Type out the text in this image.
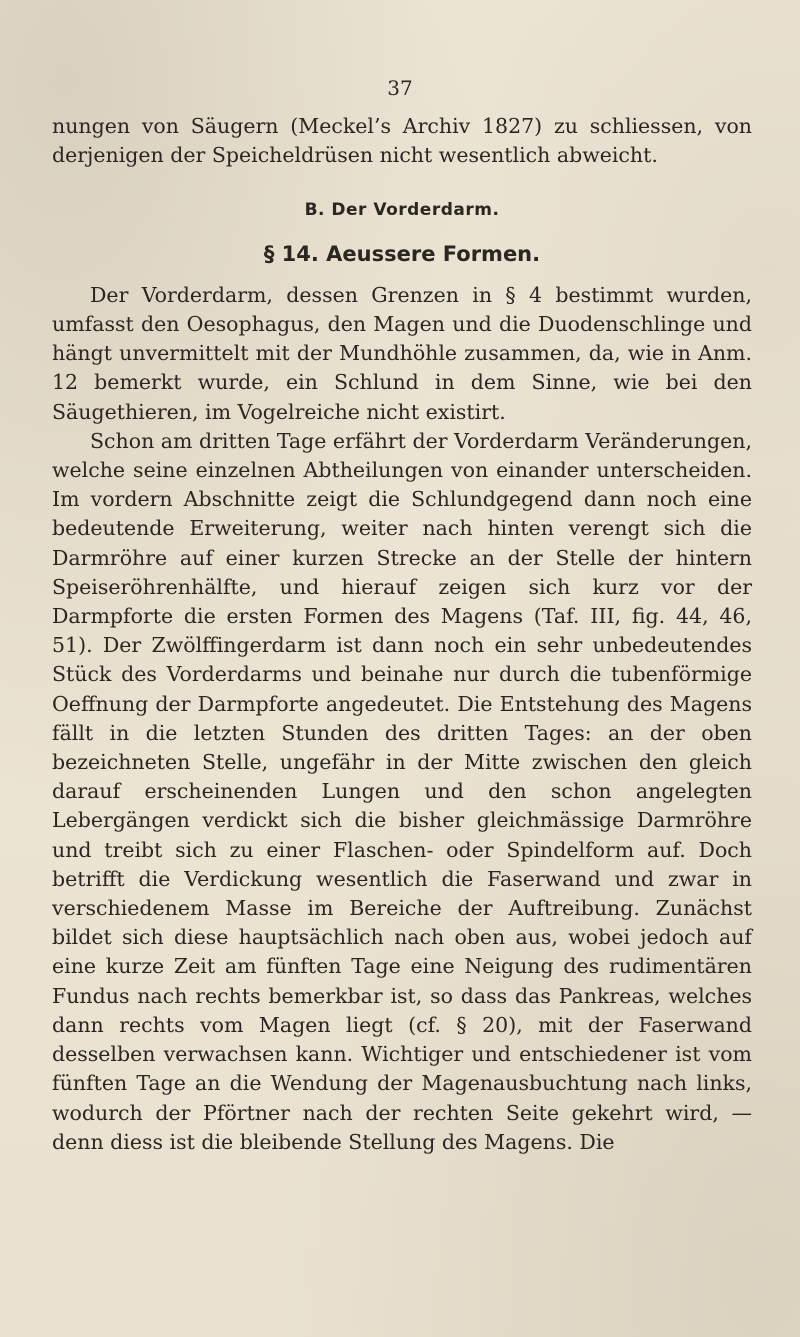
37

nungen von Säugern (Meckel’s Archiv 1827) zu schliessen, von derjenigen der Speicheldrüsen nicht wesentlich abweicht.

B. Der Vorderdarm.
§ 14. Aeussere Formen.

Der Vorderdarm, dessen Grenzen in § 4 bestimmt wurden, umfasst den Oesophagus, den Magen und die Duodenschlinge und hängt unvermittelt mit der Mundhöhle zusammen, da, wie in Anm. 12 bemerkt wurde, ein Schlund in dem Sinne, wie bei den Säugethieren, im Vogelreiche nicht existirt.

Schon am dritten Tage erfährt der Vorderdarm Veränderungen, welche seine einzelnen Abtheilungen von einander unterscheiden. Im vordern Abschnitte zeigt die Schlundgegend dann noch eine bedeutende Erweiterung, weiter nach hinten verengt sich die Darmröhre auf einer kurzen Strecke an der Stelle der hintern Speiseröhrenhälfte, und hierauf zeigen sich kurz vor der Darmpforte die ersten Formen des Magens (Taf. III, fig. 44, 46, 51). Der Zwölffingerdarm ist dann noch ein sehr unbedeutendes Stück des Vorderdarms und beinahe nur durch die tubenförmige Oeffnung der Darmpforte angedeutet. Die Entstehung des Magens fällt in die letzten Stunden des dritten Tages: an der oben bezeichneten Stelle, ungefähr in der Mitte zwischen den gleich darauf erscheinenden Lungen und den schon angelegten Lebergängen verdickt sich die bisher gleichmässige Darmröhre und treibt sich zu einer Flaschen- oder Spindelform auf. Doch betrifft die Verdickung wesentlich die Faserwand und zwar in verschiedenem Masse im Bereiche der Auftreibung. Zunächst bildet sich diese hauptsächlich nach oben aus, wobei jedoch auf eine kurze Zeit am fünften Tage eine Neigung des rudimentären Fundus nach rechts bemerkbar ist, so dass das Pankreas, welches dann rechts vom Magen liegt (cf. § 20), mit der Faserwand desselben verwachsen kann. Wichtiger und entschiedener ist vom fünften Tage an die Wendung der Magenausbuchtung nach links, wodurch der Pförtner nach der rechten Seite gekehrt wird, — denn diess ist die bleibende Stellung des Magens. Die
